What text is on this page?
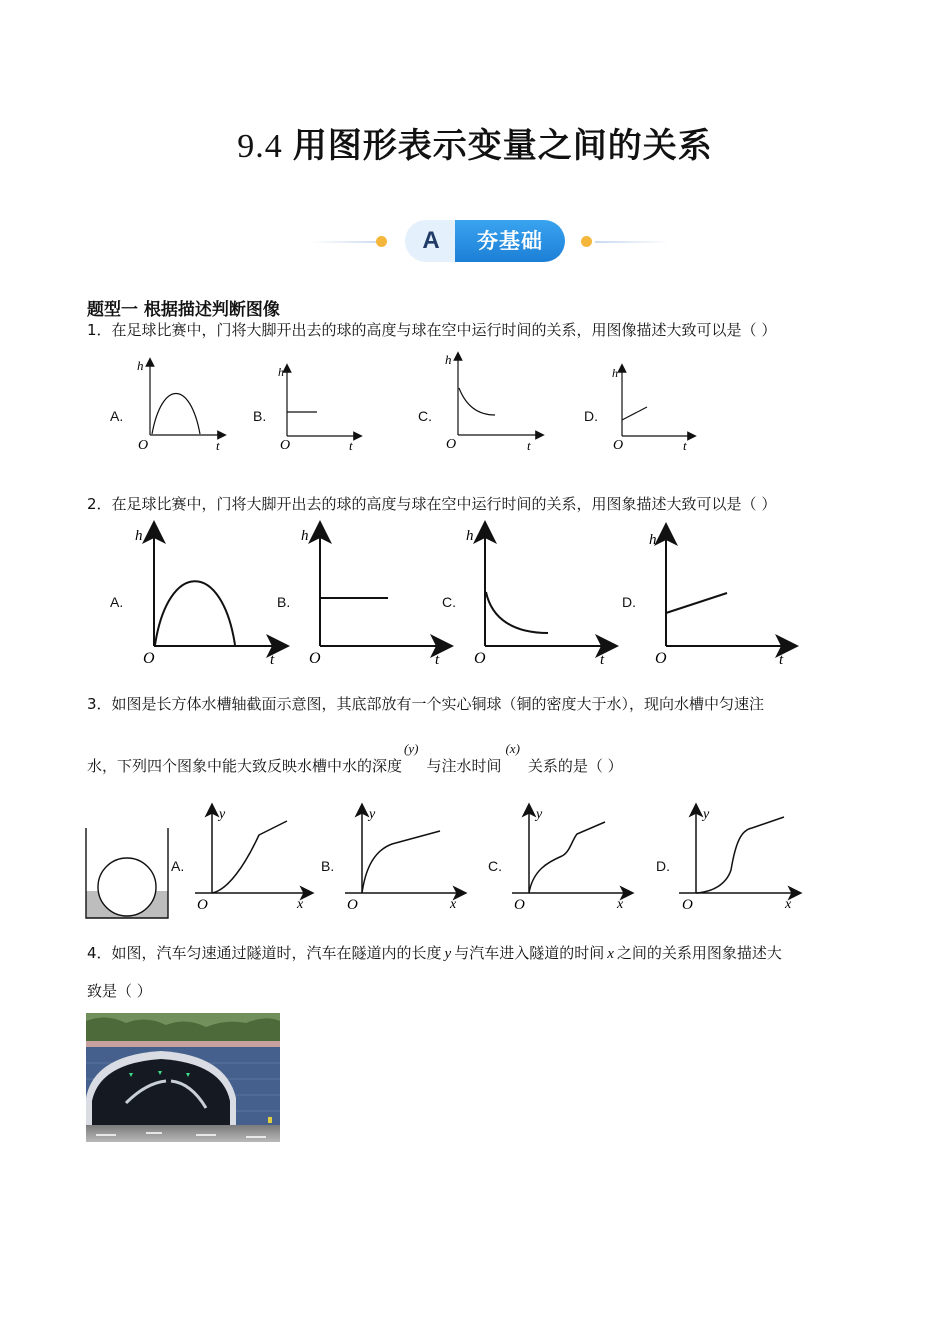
9.4 用图形表示变量之间的关系
A	夯基础
题型一 根据描述判断图像
1．在足球比赛中，门将大脚开出去的球的高度与球在空中运行时间的关系，用图像描述大致可以是（ ）
A.	B.	C.	D.
h
O	t
h
O	t
h
O	t
h
O	t
2．在足球比赛中，门将大脚开出去的球的高度与球在空中运行时间的关系，用图象描述大致可以是（ ）
A.	B.	C.	D.
h
O	t
h
O	t
h
O	t
h
O	t
3．如图是长方体水槽轴截面示意图，其底部放有一个实心铜球（铜的密度大于水），现向水槽中匀速注
水，下列四个图象中能大致反映水槽中水的深度(y)与注水时间(x)关系的是（ ）
A.	B.	C.	D.
y
O	x
y
O	x
y
O	x
y
O	x
4．如图，汽车匀速通过隧道时，汽车在隧道内的长度 y 与汽车进入隧道的时间 x 之间的关系用图象描述大
致是（ ）
